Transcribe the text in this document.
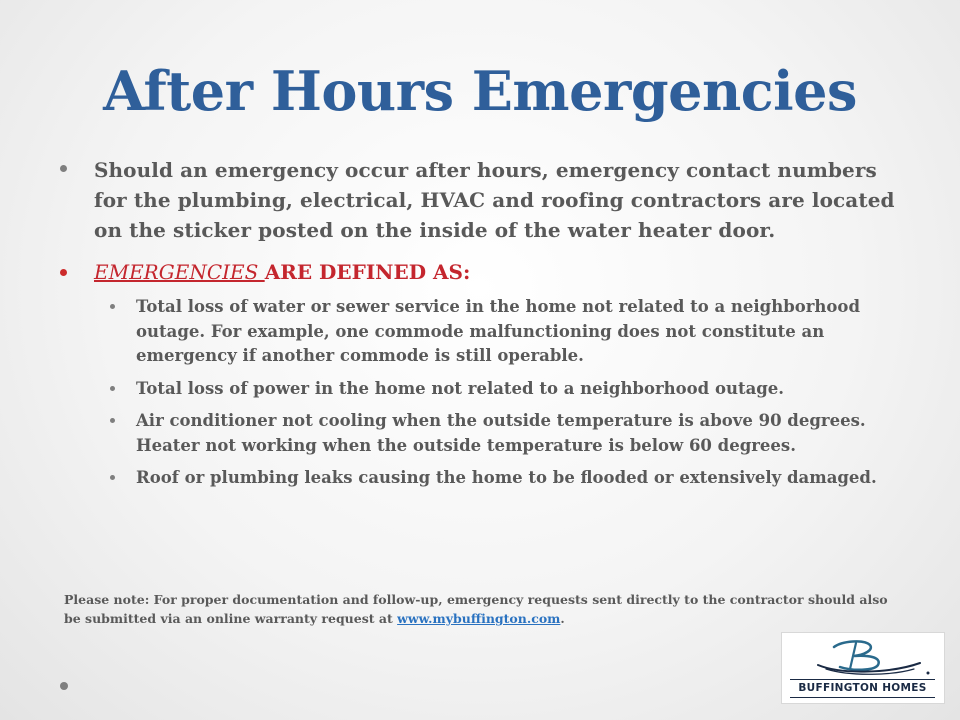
After Hours Emergencies
Should an emergency occur after hours, emergency contact numbers for the plumbing, electrical, HVAC and roofing contractors are located on the sticker posted on the inside of the water heater door.
EMERGENCIES ARE DEFINED AS:
Total loss of water or sewer service in the home not related to a neighborhood outage. For example, one commode malfunctioning does not constitute an emergency if another commode is still operable.
Total loss of power in the home not related to a neighborhood outage.
Air conditioner not cooling when the outside temperature is above 90 degrees. Heater not working when the outside temperature is below 60 degrees.
Roof or plumbing leaks causing the home to be flooded or extensively damaged.
Please note: For proper documentation and follow-up, emergency requests sent directly to the contractor should also be submitted via an online warranty request at www.mybuffington.com.
BUFFINGTON HOMES
